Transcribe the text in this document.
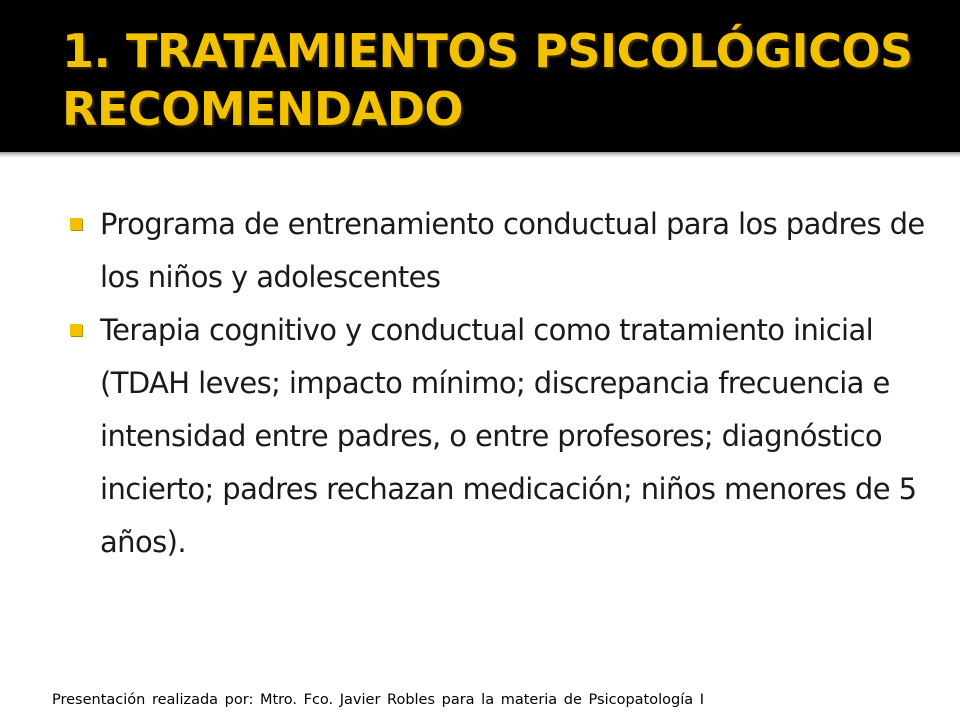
1. TRATAMIENTOS PSICOLÓGICOS
RECOMENDADO
Programa de entrenamiento conductual para los padres de los niños y adolescentes
Terapia cognitivo y conductual como tratamiento inicial (TDAH leves; impacto mínimo; discrepancia frecuencia e intensidad entre padres, o entre profesores; diagnóstico incierto; padres rechazan medicación; niños menores de 5 años).
Presentación realizada por: Mtro. Fco. Javier Robles para la materia de Psicopatología I
